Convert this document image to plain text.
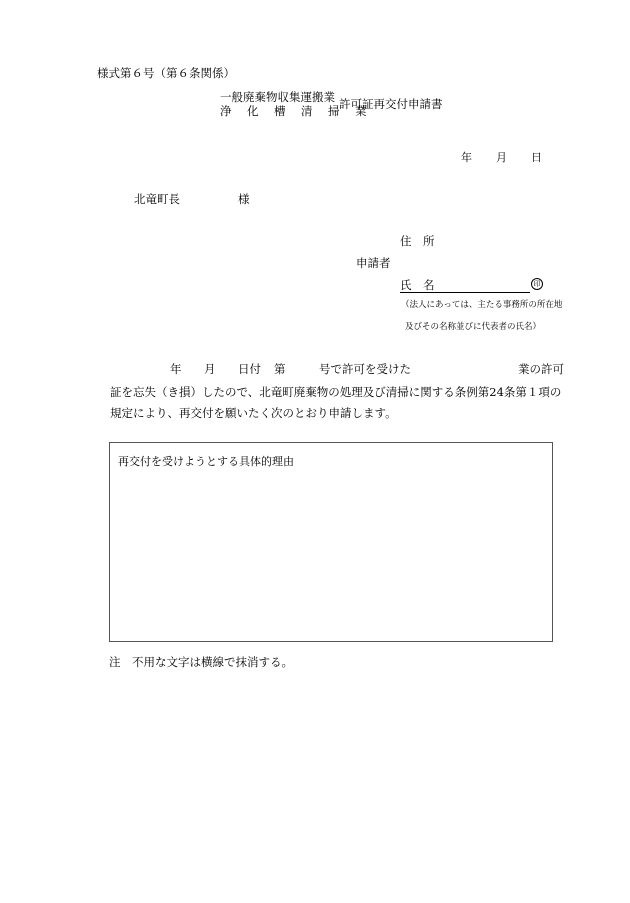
様式第６号（第６条関係）
一般廃棄物収集運搬業
浄　化　槽　清　掃　業
許可証再交付申請書
年 月 日
北竜町長	様
住　所
申請者
氏　名	印
（法人にあっては、主たる事務所の所在地
及びその名称並びに代表者の氏名）
年 月 日付 第	号で許可を受けた	業の許可
証を忘失（き損）したので、北竜町廃棄物の処理及び清掃に関する条例第24条第１項の
規定により、再交付を願いたく次のとおり申請します。
再交付を受けようとする具体的理由
注　不用な文字は横線で抹消する。
